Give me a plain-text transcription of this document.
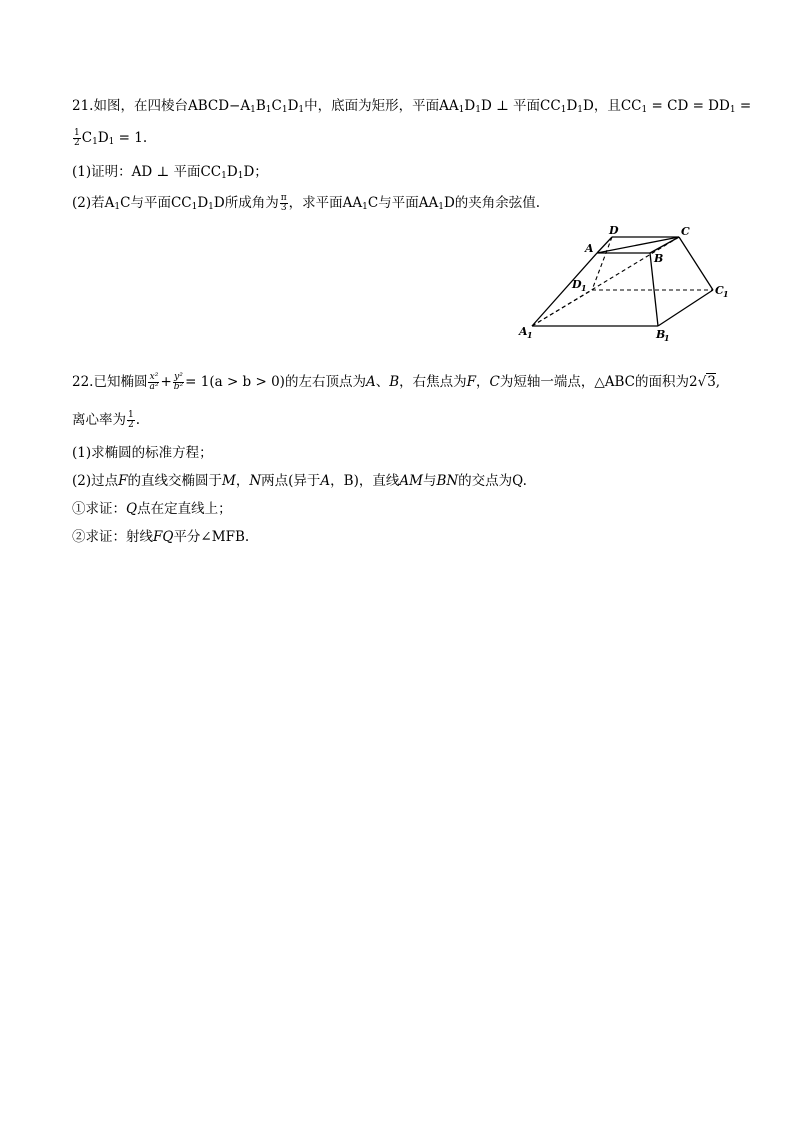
21.如图，在四棱台$ABCD-A_1B_1C_1D_1$中，底面为矩形，平面$AA_1D_1D$ ⊥ 平面$CC_1D_1D$，且$CC_1$ = CD = $DD_1$ =
$\frac{1}{2} C_1D_1 = 1$.
(1)证明：AD ⊥ 平面$CC_1D_1D$；
(2)若$A_1C$与平面$CC_1D_1D$所成角为 $\frac{\pi}{3}$ ，求平面$AA_1C$与平面$AA_1D$的夹角余弦值.
D	C
A
B
D 1	C 1
A 1	B
1
22.已知椭圆 $\frac{\text{x²}}{\text{a²}} + \frac{\text{y²}}{\text{b²}} = 1(a > b > 0)$的左右顶点为A、B，右焦点为F，C为短轴一端点，△ABC的面积为2√3,
离心率为 $\frac{1}{2}$ .
(1)求椭圆的标准方程；
(2)过点F的直线交椭圆于M，N两点(异于A，B)，直线AM与BN的交点为Q.
①求证：Q点在定直线上；
②求证：射线FQ平分∠MFB.
